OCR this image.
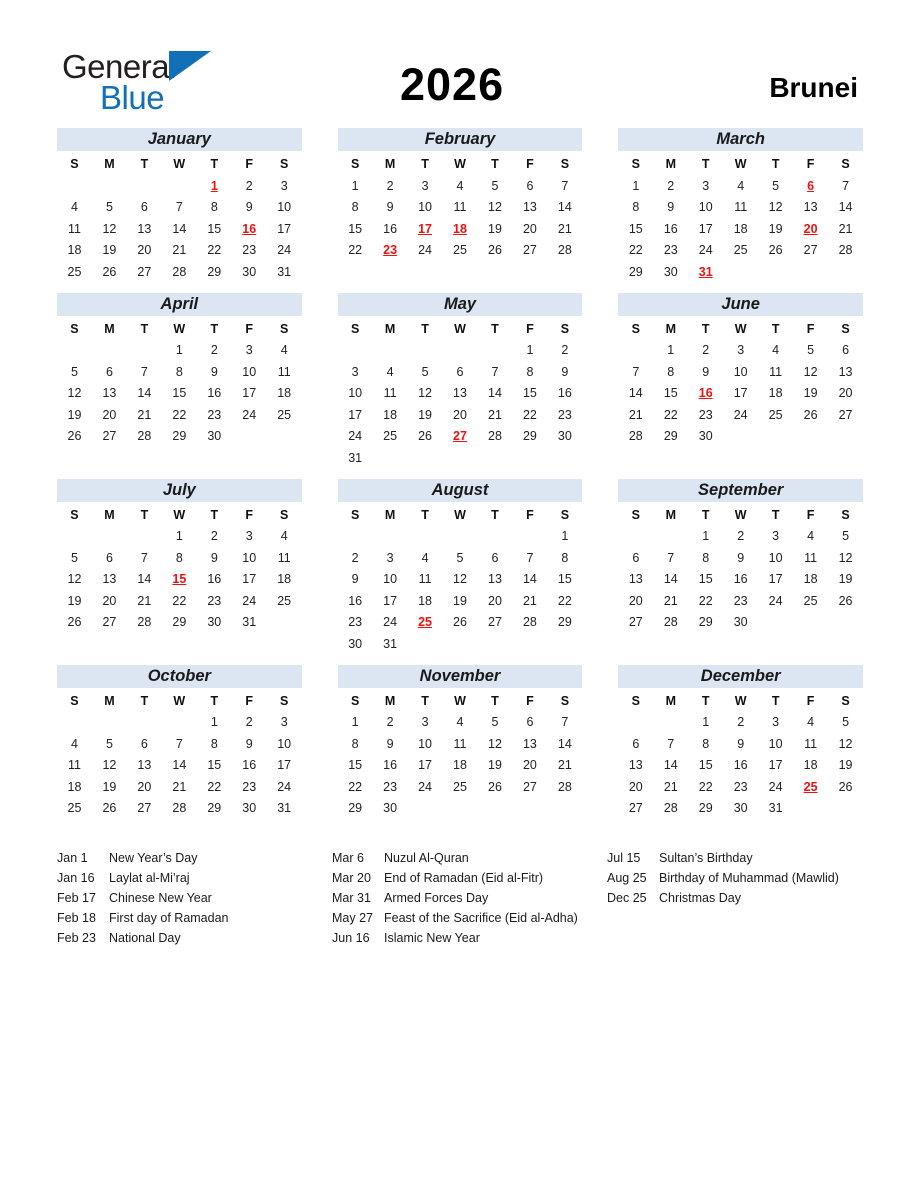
General
Blue	2026	Brunei
January
S	M	T	W	T	F	S
				1	2	3
4	5	6	7	8	9	10
11	12	13	14	15	16	17
18	19	20	21	22	23	24
25	26	27	28	29	30	31
February
S	M	T	W	T	F	S
1	2	3	4	5	6	7
8	9	10	11	12	13	14
15	16	17	18	19	20	21
22	23	24	25	26	27	28
March
S	M	T	W	T	F	S
1	2	3	4	5	6	7
8	9	10	11	12	13	14
15	16	17	18	19	20	21
22	23	24	25	26	27	28
29	30	31				
April
S	M	T	W	T	F	S
			1	2	3	4
5	6	7	8	9	10	11
12	13	14	15	16	17	18
19	20	21	22	23	24	25
26	27	28	29	30		
May
S	M	T	W	T	F	S
					1	2
3	4	5	6	7	8	9
10	11	12	13	14	15	16
17	18	19	20	21	22	23
24	25	26	27	28	29	30
31						
June
S	M	T	W	T	F	S
	1	2	3	4	5	6
7	8	9	10	11	12	13
14	15	16	17	18	19	20
21	22	23	24	25	26	27
28	29	30				
July
S	M	T	W	T	F	S
			1	2	3	4
5	6	7	8	9	10	11
12	13	14	15	16	17	18
19	20	21	22	23	24	25
26	27	28	29	30	31	
August
S	M	T	W	T	F	S
						1
2	3	4	5	6	7	8
9	10	11	12	13	14	15
16	17	18	19	20	21	22
23	24	25	26	27	28	29
30	31					
September
S	M	T	W	T	F	S
		1	2	3	4	5
6	7	8	9	10	11	12
13	14	15	16	17	18	19
20	21	22	23	24	25	26
27	28	29	30			
October
S	M	T	W	T	F	S
				1	2	3
4	5	6	7	8	9	10
11	12	13	14	15	16	17
18	19	20	21	22	23	24
25	26	27	28	29	30	31
November
S	M	T	W	T	F	S
1	2	3	4	5	6	7
8	9	10	11	12	13	14
15	16	17	18	19	20	21
22	23	24	25	26	27	28
29	30					
December
S	M	T	W	T	F	S
		1	2	3	4	5
6	7	8	9	10	11	12
13	14	15	16	17	18	19
20	21	22	23	24	25	26
27	28	29	30	31		
Jan 1	New Year’s Day
Jan 16	Laylat al-Mi’raj
Feb 17	Chinese New Year
Feb 18	First day of Ramadan
Feb 23	National Day
Mar 6	Nuzul Al-Quran
Mar 20	End of Ramadan (Eid al-Fitr)
Mar 31	Armed Forces Day
May 27 Feast of the Sacrifice (Eid al-Adha)
Jun 16	Islamic New Year
Jul 15	Sultan’s Birthday
Aug 25 Birthday of Muhammad (Mawlid)
Dec 25 Christmas Day
